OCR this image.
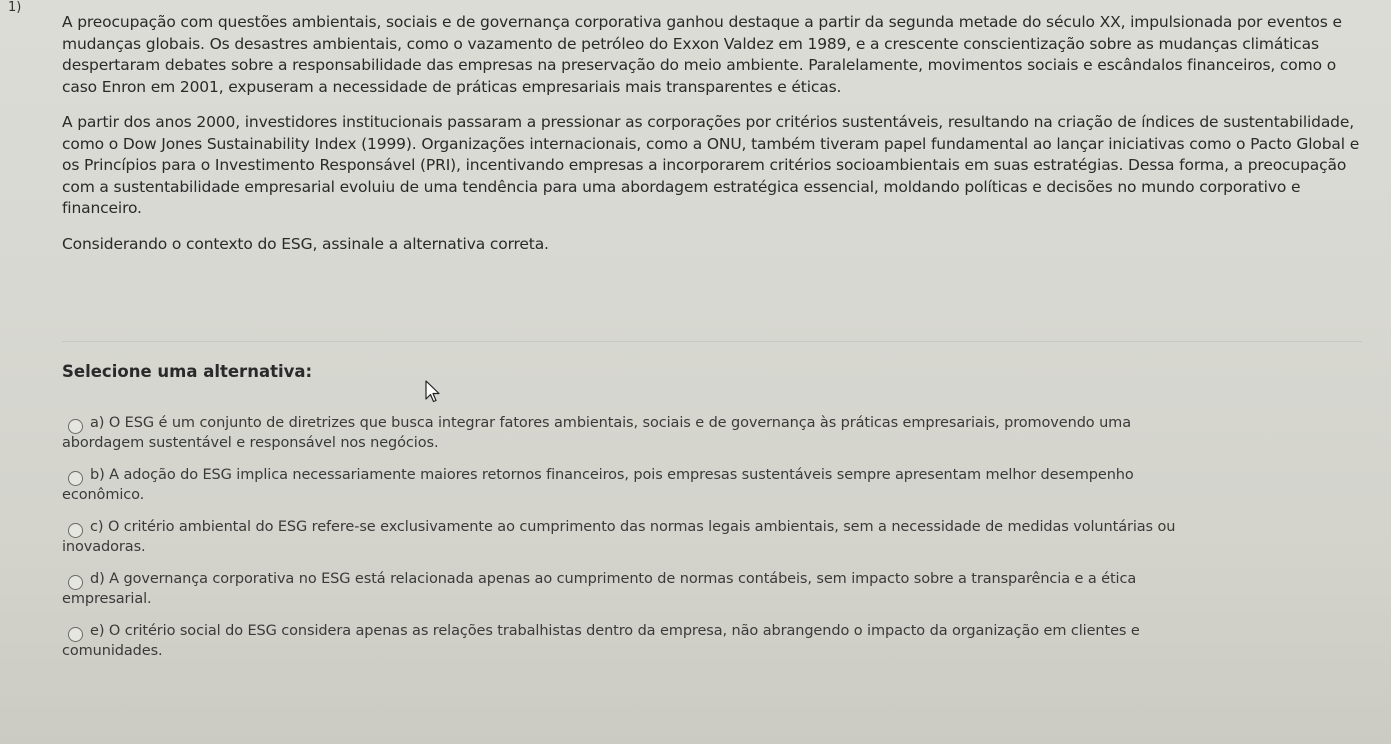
1)

A preocupação com questões ambientais, sociais e de governança corporativa ganhou destaque a partir da segunda metade do século XX, impulsionada por eventos e mudanças globais. Os desastres ambientais, como o vazamento de petróleo do Exxon Valdez em 1989, e a crescente conscientização sobre as mudanças climáticas despertaram debates sobre a responsabilidade das empresas na preservação do meio ambiente. Paralelamente, movimentos sociais e escândalos financeiros, como o caso Enron em 2001, expuseram a necessidade de práticas empresariais mais transparentes e éticas.

A partir dos anos 2000, investidores institucionais passaram a pressionar as corporações por critérios sustentáveis, resultando na criação de índices de sustentabilidade, como o Dow Jones Sustainability Index (1999). Organizações internacionais, como a ONU, também tiveram papel fundamental ao lançar iniciativas como o Pacto Global e os Princípios para o Investimento Responsável (PRI), incentivando empresas a incorporarem critérios socioambientais em suas estratégias. Dessa forma, a preocupação com a sustentabilidade empresarial evoluiu de uma tendência para uma abordagem estratégica essencial, moldando políticas e decisões no mundo corporativo e financeiro.

Considerando o contexto do ESG, assinale a alternativa correta.

Selecione uma alternativa:
a) O ESG é um conjunto de diretrizes que busca integrar fatores ambientais, sociais e de governança às práticas empresariais, promovendo uma
abordagem sustentável e responsável nos negócios.
b) A adoção do ESG implica necessariamente maiores retornos financeiros, pois empresas sustentáveis sempre apresentam melhor desempenho
econômico.
c) O critério ambiental do ESG refere-se exclusivamente ao cumprimento das normas legais ambientais, sem a necessidade de medidas voluntárias ou
inovadoras.
d) A governança corporativa no ESG está relacionada apenas ao cumprimento de normas contábeis, sem impacto sobre a transparência e a ética
empresarial.
e) O critério social do ESG considera apenas as relações trabalhistas dentro da empresa, não abrangendo o impacto da organização em clientes e
comunidades.
